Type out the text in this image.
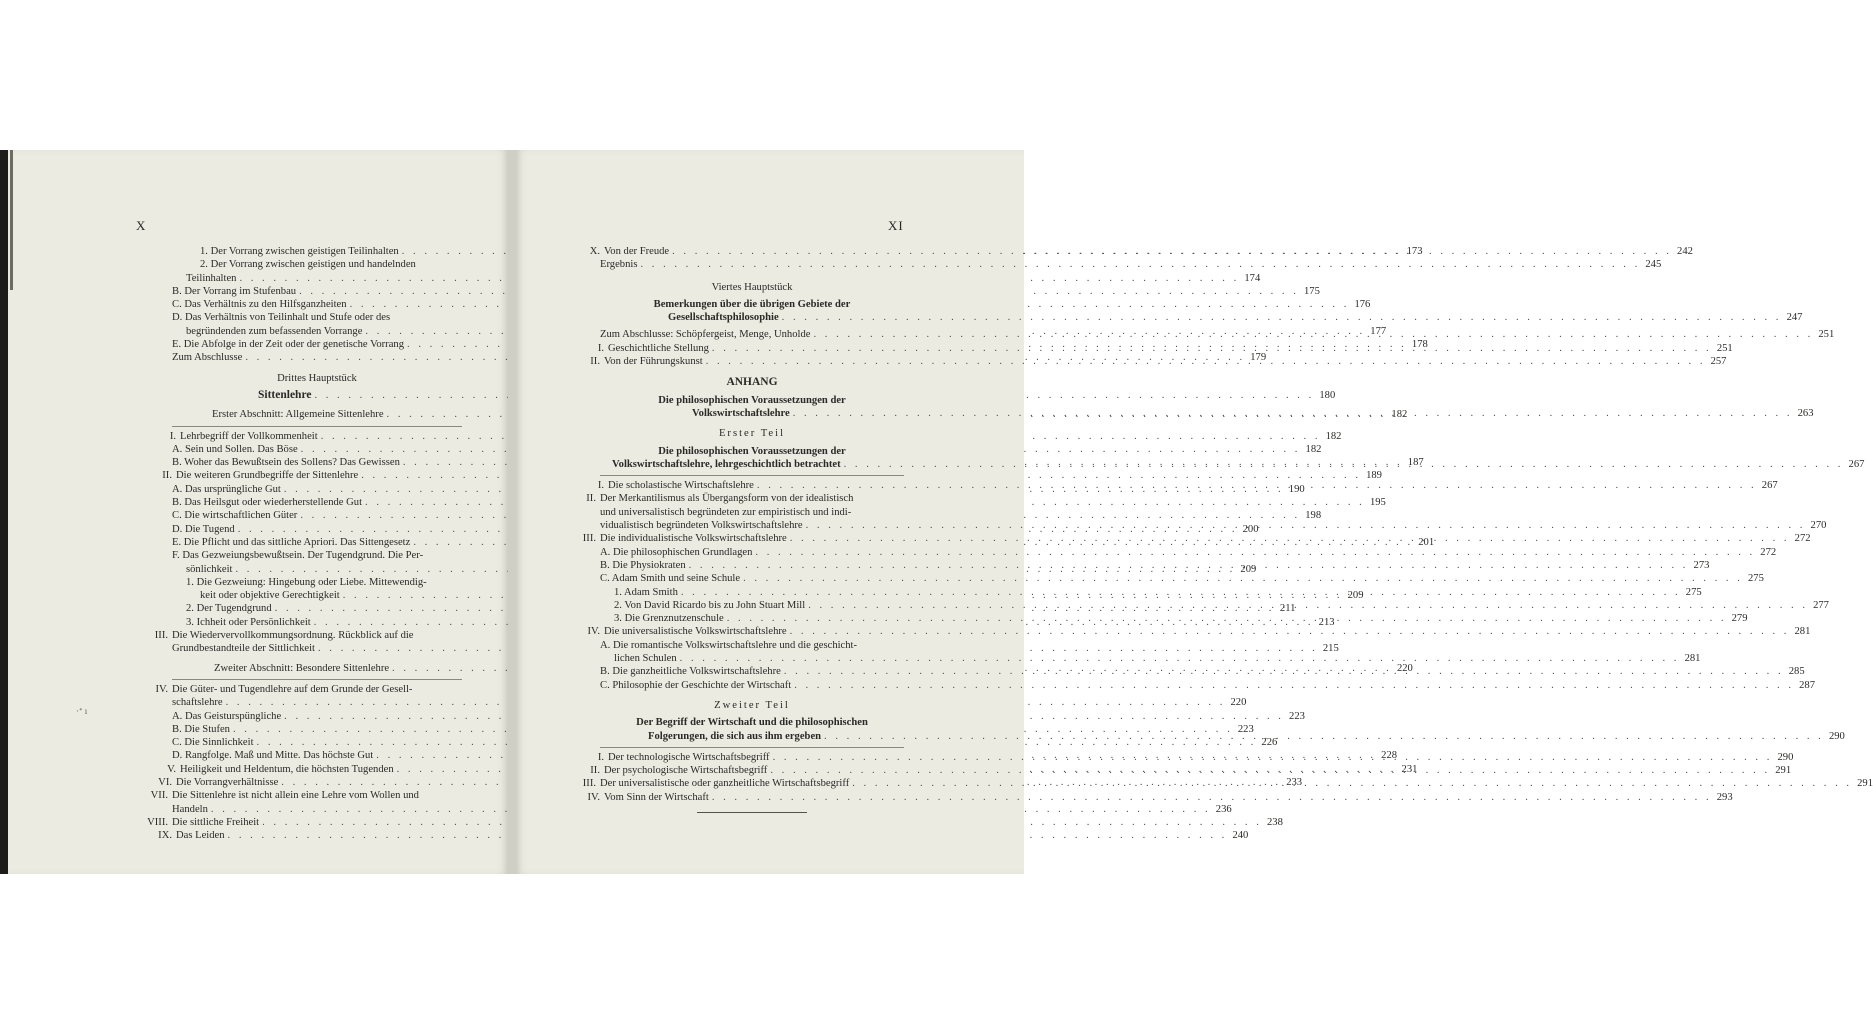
X
·ᐩ ı
1. Der Vorrang zwischen geistigen Teilinhalten . . .	173
2. Der Vorrang zwischen geistigen und handelnden
Teilinhalten . . .	174
B. Der Vorrang im Stufenbau . . .	175
C. Das Verhältnis zu den Hilfsganzheiten . . .	176
D. Das Verhältnis von Teilinhalt und Stufe oder des
begründenden zum befassenden Vorrange . . .	177
E. Die Abfolge in der Zeit oder der genetische Vorrang . . .	178
Zum Abschlusse . . .	179
Drittes Hauptstück
Sittenlehre . . .	180
Erster Abschnitt: Allgemeine Sittenlehre . . .	182
I. Lehrbegriff der Vollkommenheit . . .	182
A. Sein und Sollen. Das Böse . . .	182
B. Woher das Bewußtsein des Sollens? Das Gewissen . . .	187
II. Die weiteren Grundbegriffe der Sittenlehre . . .	189
A. Das ursprüngliche Gut . . .	190
B. Das Heilsgut oder wiederherstellende Gut . . .	195
C. Die wirtschaftlichen Güter . . .	198
D. Die Tugend . . .	200
E. Die Pflicht und das sittliche Apriori. Das Sittengesetz . . .	201
F. Das Gezweiungsbewußtsein. Der Tugendgrund. Die Per-
sönlichkeit . . .	209
1. Die Gezweiung: Hingebung oder Liebe. Mittewendig-
keit oder objektive Gerechtigkeit . . .	209
2. Der Tugendgrund . . .	211
3. Ichheit oder Persönlichkeit . . .	213
III. Die Wiedervervollkommungsordnung. Rückblick auf die
Grundbestandteile der Sittlichkeit . . .	215
Zweiter Abschnitt: Besondere Sittenlehre . . .	220
IV. Die Güter- und Tugendlehre auf dem Grunde der Gesell-
schaftslehre . . .	220
A. Das Geisturspüngliche . . .	223
B. Die Stufen . . .	223
C. Die Sinnlichkeit . . .	226
D. Rangfolge. Maß und Mitte. Das höchste Gut . . .	228
V. Heiligkeit und Heldentum, die höchsten Tugenden . . .	231
VI. Die Vorrangverhältnisse . . .	233
VII. Die Sittenlehre ist nicht allein eine Lehre vom Wollen und
Handeln . . .	236
VIII. Die sittliche Freiheit . . .	238
IX. Das Leiden . . .	240
XI
X. Von der Freude . . .	242
Ergebnis . . .	245
Viertes Hauptstück
Bemerkungen über die übrigen Gebiete der
Gesellschaftsphilosophie . . .	247
Zum Abschlusse: Schöpfergeist, Menge, Unholde . . .	251
I. Geschichtliche Stellung . . .	251
II. Von der Führungskunst . . .	257
ANHANG
Die philosophischen Voraussetzungen der
Volkswirtschaftslehre . . .	263
Erster Teil
Die philosophischen Voraussetzungen der
Volkswirtschaftslehre, lehrgeschichtlich betrachtet . . .	267
I. Die scholastische Wirtschaftslehre . . .	267
II. Der Merkantilismus als Übergangsform von der idealistisch
und universalistisch begründeten zur empiristisch und indi-
vidualistisch begründeten Volkswirtschaftslehre . . .	270
III. Die individualistische Volkswirtschaftslehre . . .	272
A. Die philosophischen Grundlagen . . .	272
B. Die Physiokraten . . .	273
C. Adam Smith und seine Schule . . .	275
1. Adam Smith . . .	275
2. Von David Ricardo bis zu John Stuart Mill . . .	277
3. Die Grenznutzenschule . . .	279
IV. Die universalistische Volkswirtschaftslehre . . .	281
A. Die romantische Volkswirtschaftslehre und die geschicht-
lichen Schulen . . .	281
B. Die ganzheitliche Volkswirtschaftslehre . . .	285
C. Philosophie der Geschichte der Wirtschaft . . .	287
Zweiter Teil
Der Begriff der Wirtschaft und die philosophischen
Folgerungen, die sich aus ihm ergeben . . .	290
I. Der technologische Wirtschaftsbegriff . . .	290
II. Der psychologische Wirtschaftsbegriff . . .	291
III. Der universalistische oder ganzheitliche Wirtschaftsbegriff . . .	291
IV. Vom Sinn der Wirtschaft . . .	293
